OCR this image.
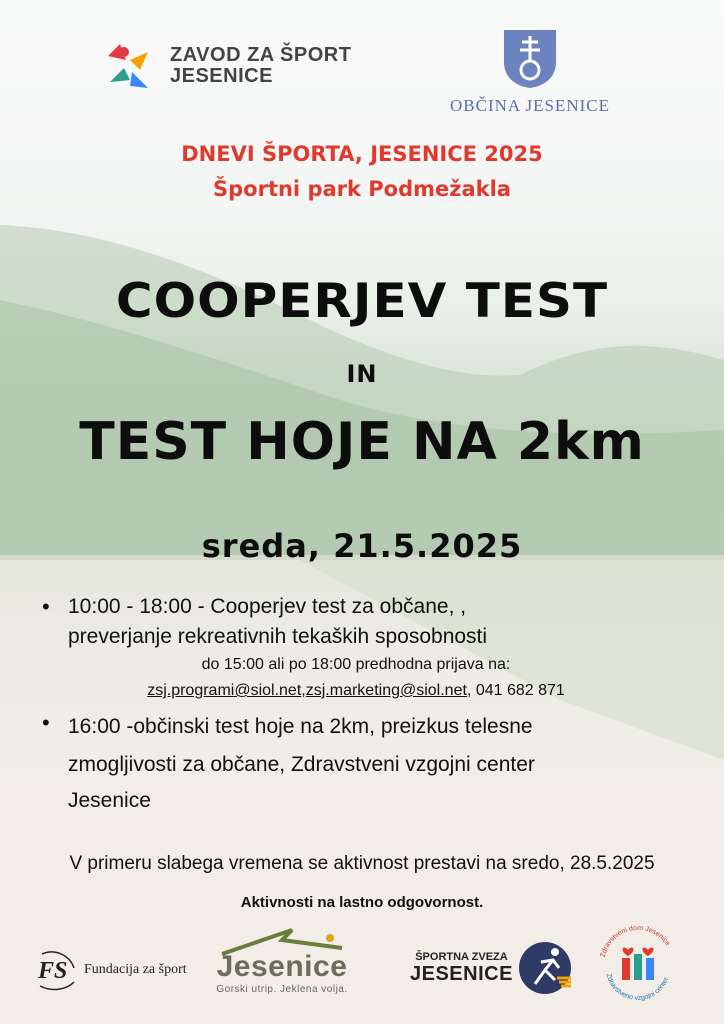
ZAVOD ZA ŠPORT
JESENICE
OBČINA JESENICE
DNEVI ŠPORTA, JESENICE 2025
Športni park Podmežakla
COOPERJEV TEST
IN
TEST HOJE NA 2km
sreda, 21.5.2025
• 10:00 - 18:00 - Cooperjev test za občane, ,
preverjanje rekreativnih tekaških sposobnosti
do 15:00 ali po 18:00 predhodna prijava na:
zsj.programi@siol.net,zsj.marketing@siol.net, 041 682 871
• 16:00 -občinski test hoje na 2km, preizkus telesne
zmogljivosti za občane, Zdravstveni vzgojni center
Jesenice
V primeru slabega vremena se aktivnost prestavi na sredo, 28.5.2025
Aktivnosti na lastno odgovornost.
FS Fundacija za šport Jesenice
Gorski utrip. Jeklena volja.
ŠPORTNA ZVEZA
JESENICE
Zdravstveni dom Jesenice
Zdravstveno vzgojni center
